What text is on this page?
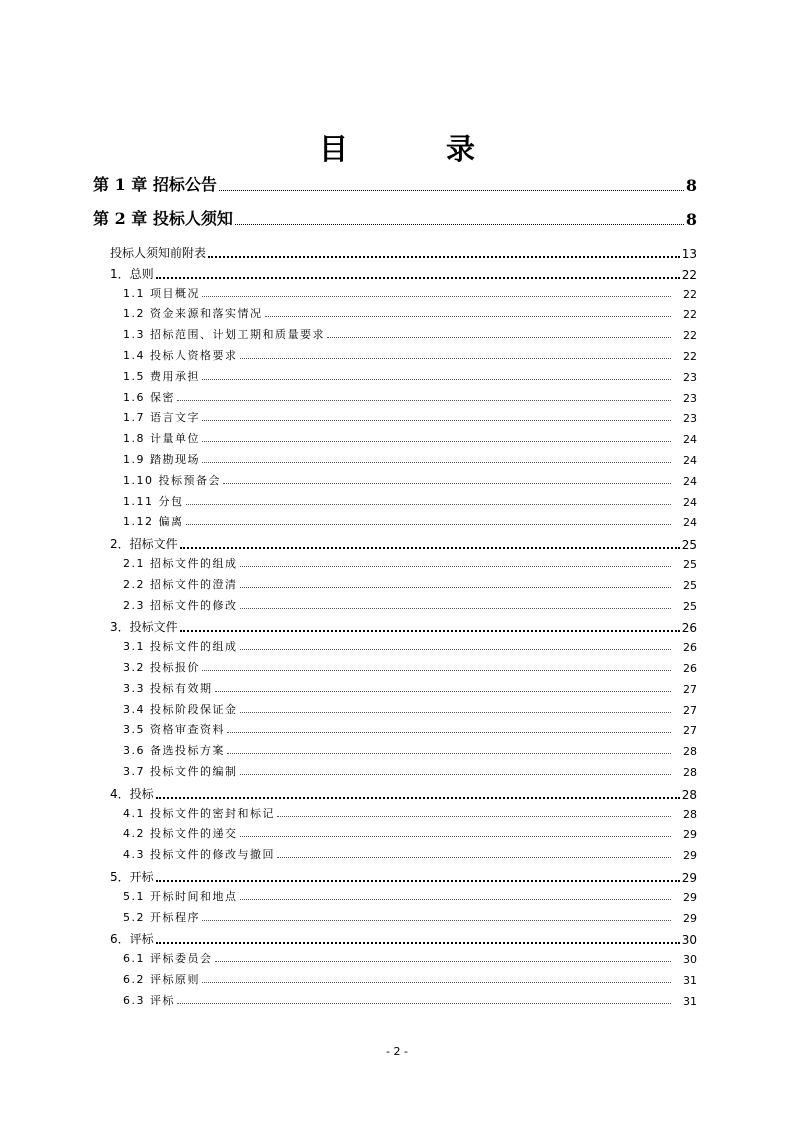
目 录
第 1 章 招标公告	8
第 2 章 投标人须知	8
投标人须知前附表	13
1．总则	22
1.1 项目概况	22
1.2 资金来源和落实情况	22
1.3 招标范围、计划工期和质量要求	22
1.4 投标人资格要求	22
1.5 费用承担	23
1.6 保密	23
1.7 语言文字	23
1.8 计量单位	24
1.9 踏勘现场	24
1.10 投标预备会	24
1.11 分包	24
1.12 偏离	24
2．招标文件	25
2.1 招标文件的组成	25
2.2 招标文件的澄清	25
2.3 招标文件的修改	25
3．投标文件	26
3.1 投标文件的组成	26
3.2 投标报价	26
3.3 投标有效期	27
3.4 投标阶段保证金	27
3.5 资格审查资料	27
3.6 备选投标方案	28
3.7 投标文件的编制	28
4．投标	28
4.1 投标文件的密封和标记	28
4.2 投标文件的递交	29
4.3 投标文件的修改与撤回	29
5．开标	29
5.1 开标时间和地点	29
5.2 开标程序	29
6．评标	30
6.1 评标委员会	30
6.2 评标原则	31
6.3 评标	31
- 2 -
